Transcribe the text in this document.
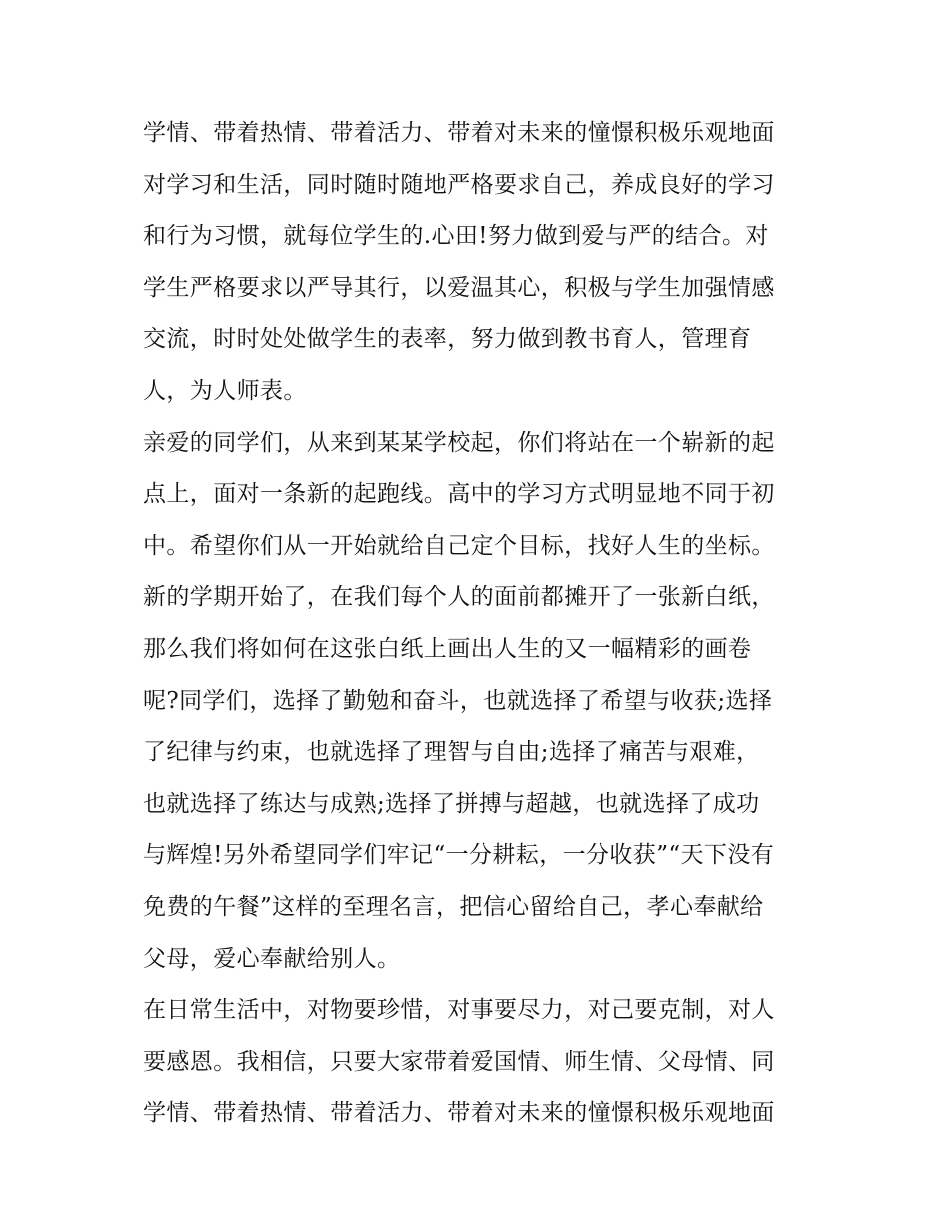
学情、带着热情、带着活力、带着对未来的憧憬积极乐观地面
对学习和生活，同时随时随地严格要求自己，养成良好的学习
和行为习惯，就每位学生的.心田!努力做到爱与严的结合。对
学生严格要求以严导其行，以爱温其心，积极与学生加强情感
交流，时时处处做学生的表率，努力做到教书育人，管理育
人，为人师表。
亲爱的同学们，从来到某某学校起，你们将站在一个崭新的起
点上，面对一条新的起跑线。高中的学习方式明显地不同于初
中。希望你们从一开始就给自己定个目标，找好人生的坐标。
新的学期开始了，在我们每个人的面前都摊开了一张新白纸，
那么我们将如何在这张白纸上画出人生的又一幅精彩的画卷
呢?同学们，选择了勤勉和奋斗，也就选择了希望与收获;选择
了纪律与约束，也就选择了理智与自由;选择了痛苦与艰难，
也就选择了练达与成熟;选择了拼搏与超越，也就选择了成功
与辉煌!另外希望同学们牢记“一分耕耘，一分收获”“天下没有
免费的午餐”这样的至理名言，把信心留给自己，孝心奉献给
父母，爱心奉献给别人。
在日常生活中，对物要珍惜，对事要尽力，对己要克制，对人
要感恩。我相信，只要大家带着爱国情、师生情、父母情、同
学情、带着热情、带着活力、带着对未来的憧憬积极乐观地面
